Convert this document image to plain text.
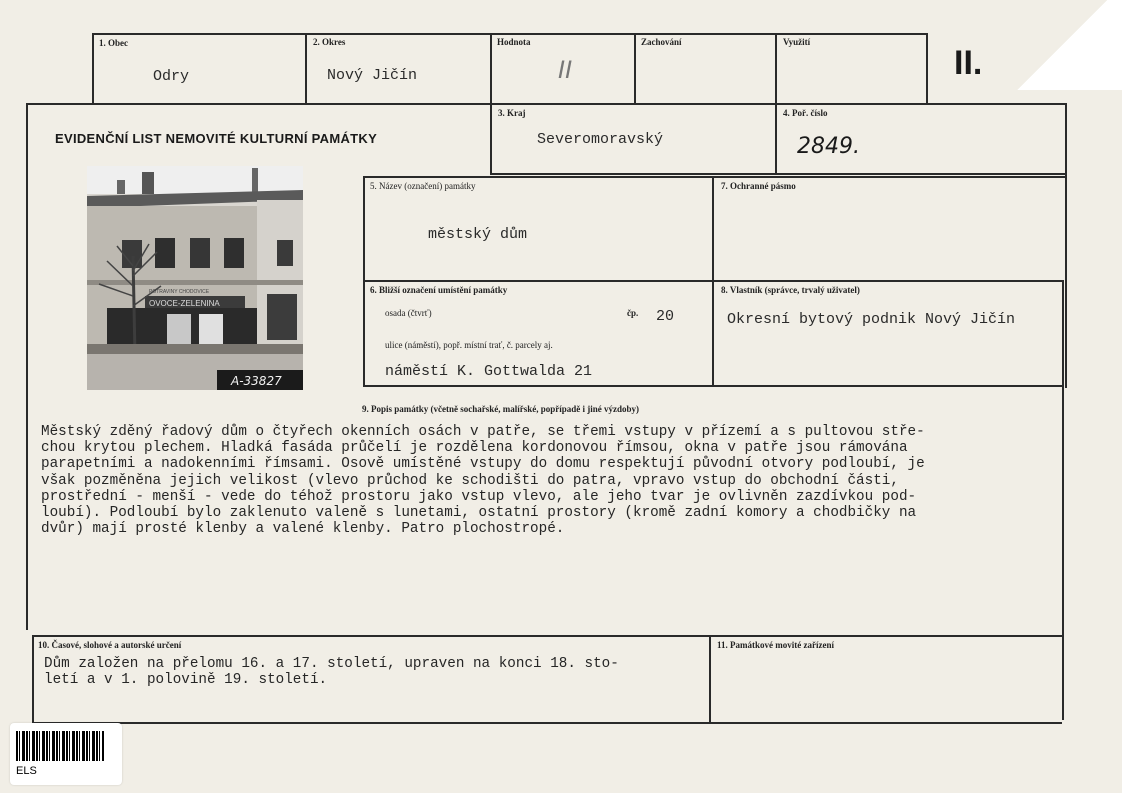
1. Obec
Odry
2. Okres
Nový Jičín
Hodnota
II
Zachování	Využití
II.
EVIDENČNÍ LIST NEMOVITÉ KULTURNÍ PAMÁTKY
3. Kraj
Severomoravský
4. Poř. číslo
2849.
OVOCE-ZELENINA
POTRAVINY CHODOVICE
A-33827
5. Název (označení) památky
městský dům
7. Ochranné pásmo
6. Bližší označení umístění památky
osada (čtvrť)	čp. 20
ulice (náměstí), popř. místní trať, č. parcely aj.
náměstí K. Gottwalda 21
8. Vlastník (správce, trvalý uživatel)
Okresní bytový podnik Nový Jičín
9. Popis památky (včetně sochařské, malířské, popřípadě i jiné výzdoby)

Městský zděný řadový dům o čtyřech okenních osách v patře, se třemi vstupy v přízemí a s pultovou stře-

chou krytou plechem. Hladká fasáda průčelí je rozdělena kordonovou římsou, okna v patře jsou rámována

parapetními a nadokenními římsami. Osově umístěné vstupy do domu respektují původní otvory podloubí, je

však pozměněna jejich velikost (vlevo průchod ke schodišti do patra, vpravo vstup do obchodní části,

prostřední - menší - vede do téhož prostoru jako vstup vlevo, ale jeho tvar je ovlivněn zazdívkou pod-

loubí). Podloubí bylo zaklenuto valeně s lunetami, ostatní prostory (kromě zadní komory a chodbičky na

dvůr) mají prosté klenby a valené klenby. Patro plochostropé.

10. Časové, slohové a autorské určení

Dům založen na přelomu 16. a 17. století, upraven na konci 18. sto-

letí a v 1. polovině 19. století.

11. Památkové movité zařízení
ELS
